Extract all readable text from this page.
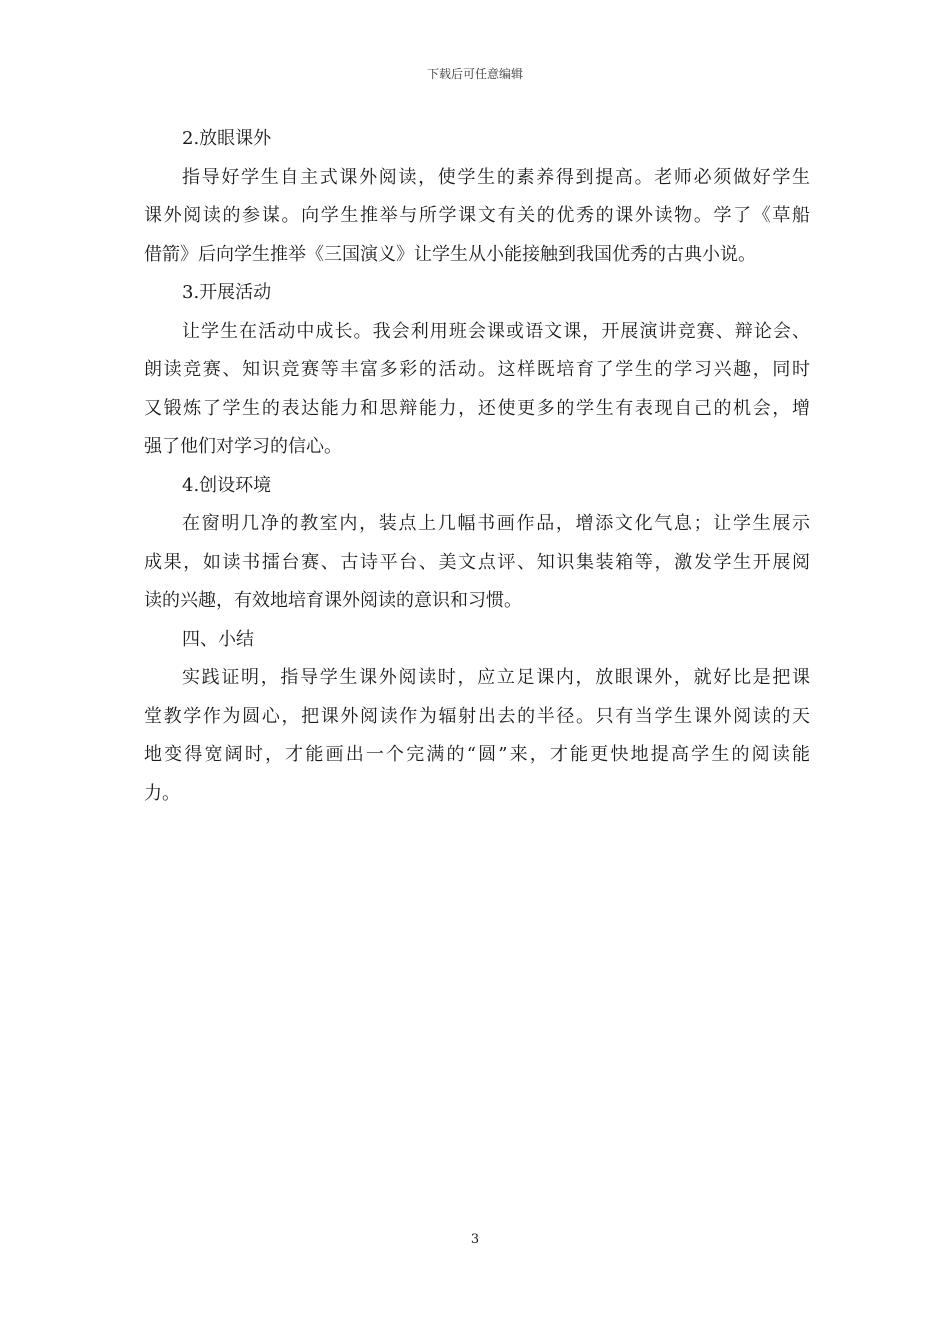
下载后可任意编辑
2.放眼课外
指导好学生自主式课外阅读，使学生的素养得到提高。老师必须做好学生
课外阅读的参谋。向学生推举与所学课文有关的优秀的课外读物。学了《草船
借箭》后向学生推举《三国演义》让学生从小能接触到我国优秀的古典小说。
3.开展活动
让学生在活动中成长。我会利用班会课或语文课，开展演讲竞赛、辩论会、
朗读竞赛、知识竞赛等丰富多彩的活动。这样既培育了学生的学习兴趣，同时
又锻炼了学生的表达能力和思辩能力，还使更多的学生有表现自己的机会，增
强了他们对学习的信心。
4.创设环境
在窗明几净的教室内，装点上几幅书画作品，增添文化气息；让学生展示
成果，如读书擂台赛、古诗平台、美文点评、知识集装箱等，激发学生开展阅
读的兴趣，有效地培育课外阅读的意识和习惯。
四、小结
实践证明，指导学生课外阅读时，应立足课内，放眼课外，就好比是把课
堂教学作为圆心，把课外阅读作为辐射出去的半径。只有当学生课外阅读的天
地变得宽阔时，才能画出一个完满的“圆”来，才能更快地提高学生的阅读能
力。
3
